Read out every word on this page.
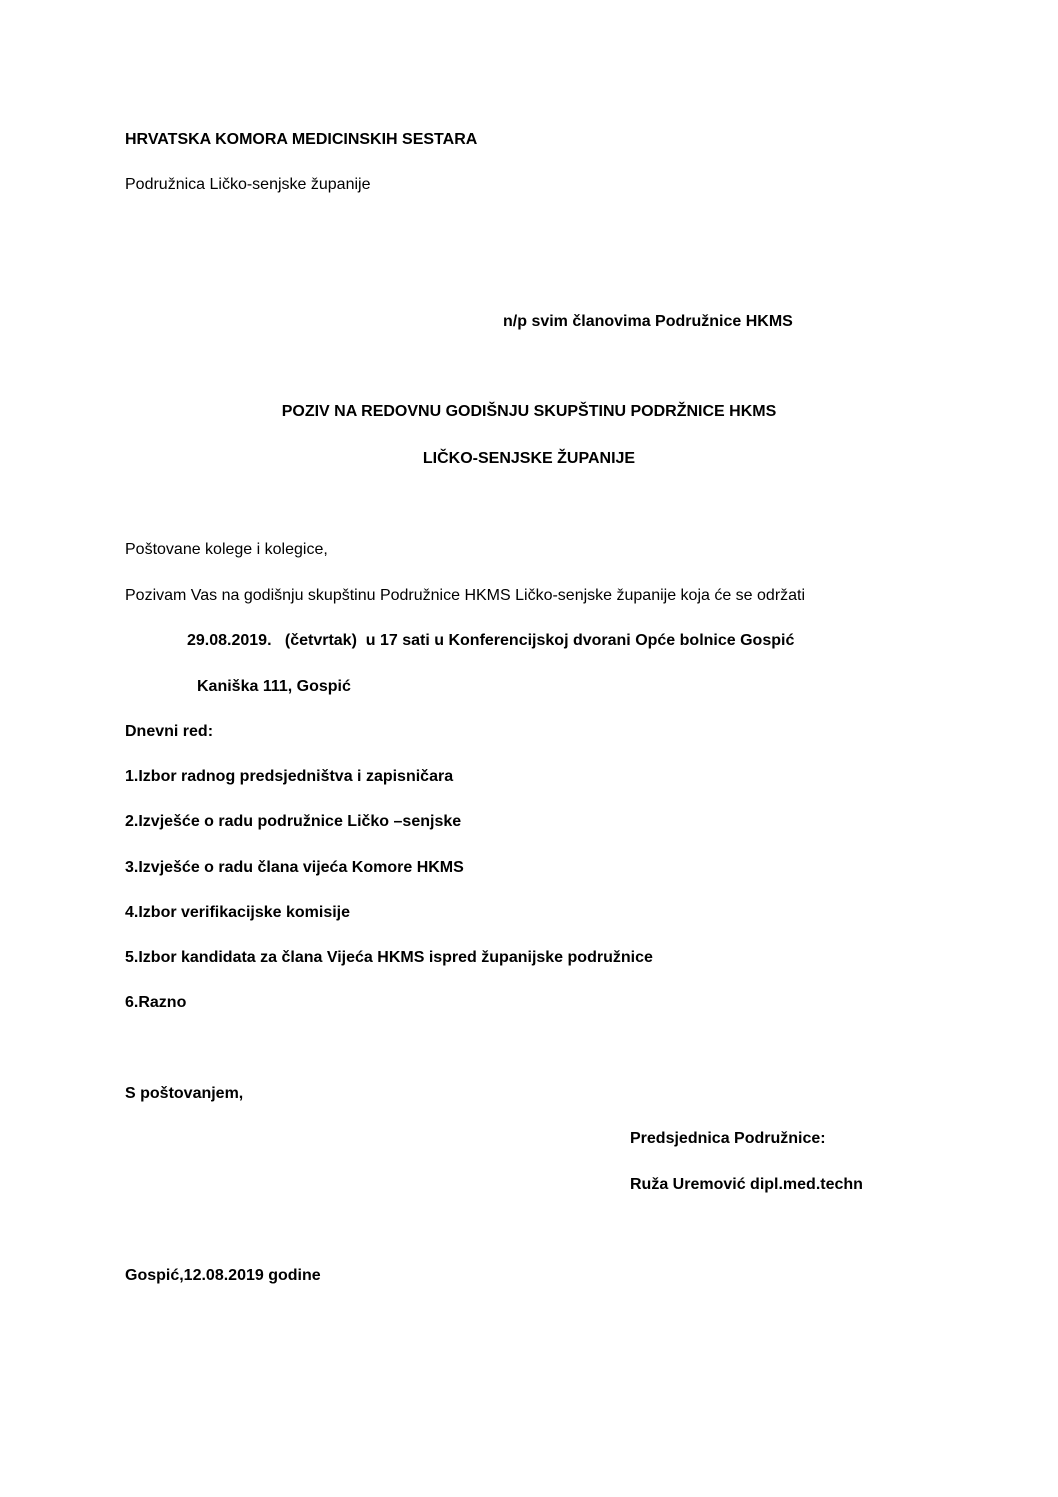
HRVATSKA KOMORA MEDICINSKIH SESTARA
Podružnica Ličko-senjske županije
n/p svim članovima Podružnice HKMS
POZIV NA REDOVNU GODIŠNJU SKUPŠTINU PODRŽNICE HKMS
LIČKO-SENJSKE ŽUPANIJE
Poštovane kolege i kolegice,
Pozivam Vas na godišnju skupštinu Podružnice HKMS Ličko-senjske županije koja će se održati
29.08.2019.   (četvrtak)  u 17 sati u Konferencijskoj dvorani Opće bolnice Gospić
Kaniška 111, Gospić
Dnevni red:
1.Izbor radnog predsjedništva i zapisničara
2.Izvješće o radu podružnice Ličko –senjske
3.Izvješće o radu člana vijeća Komore HKMS
4.Izbor verifikacijske komisije
5.Izbor kandidata za člana Vijeća HKMS ispred županijske podružnice
6.Razno
S poštovanjem,
Predsjednica Podružnice:
Ruža Uremović dipl.med.techn
Gospić,12.08.2019 godine
